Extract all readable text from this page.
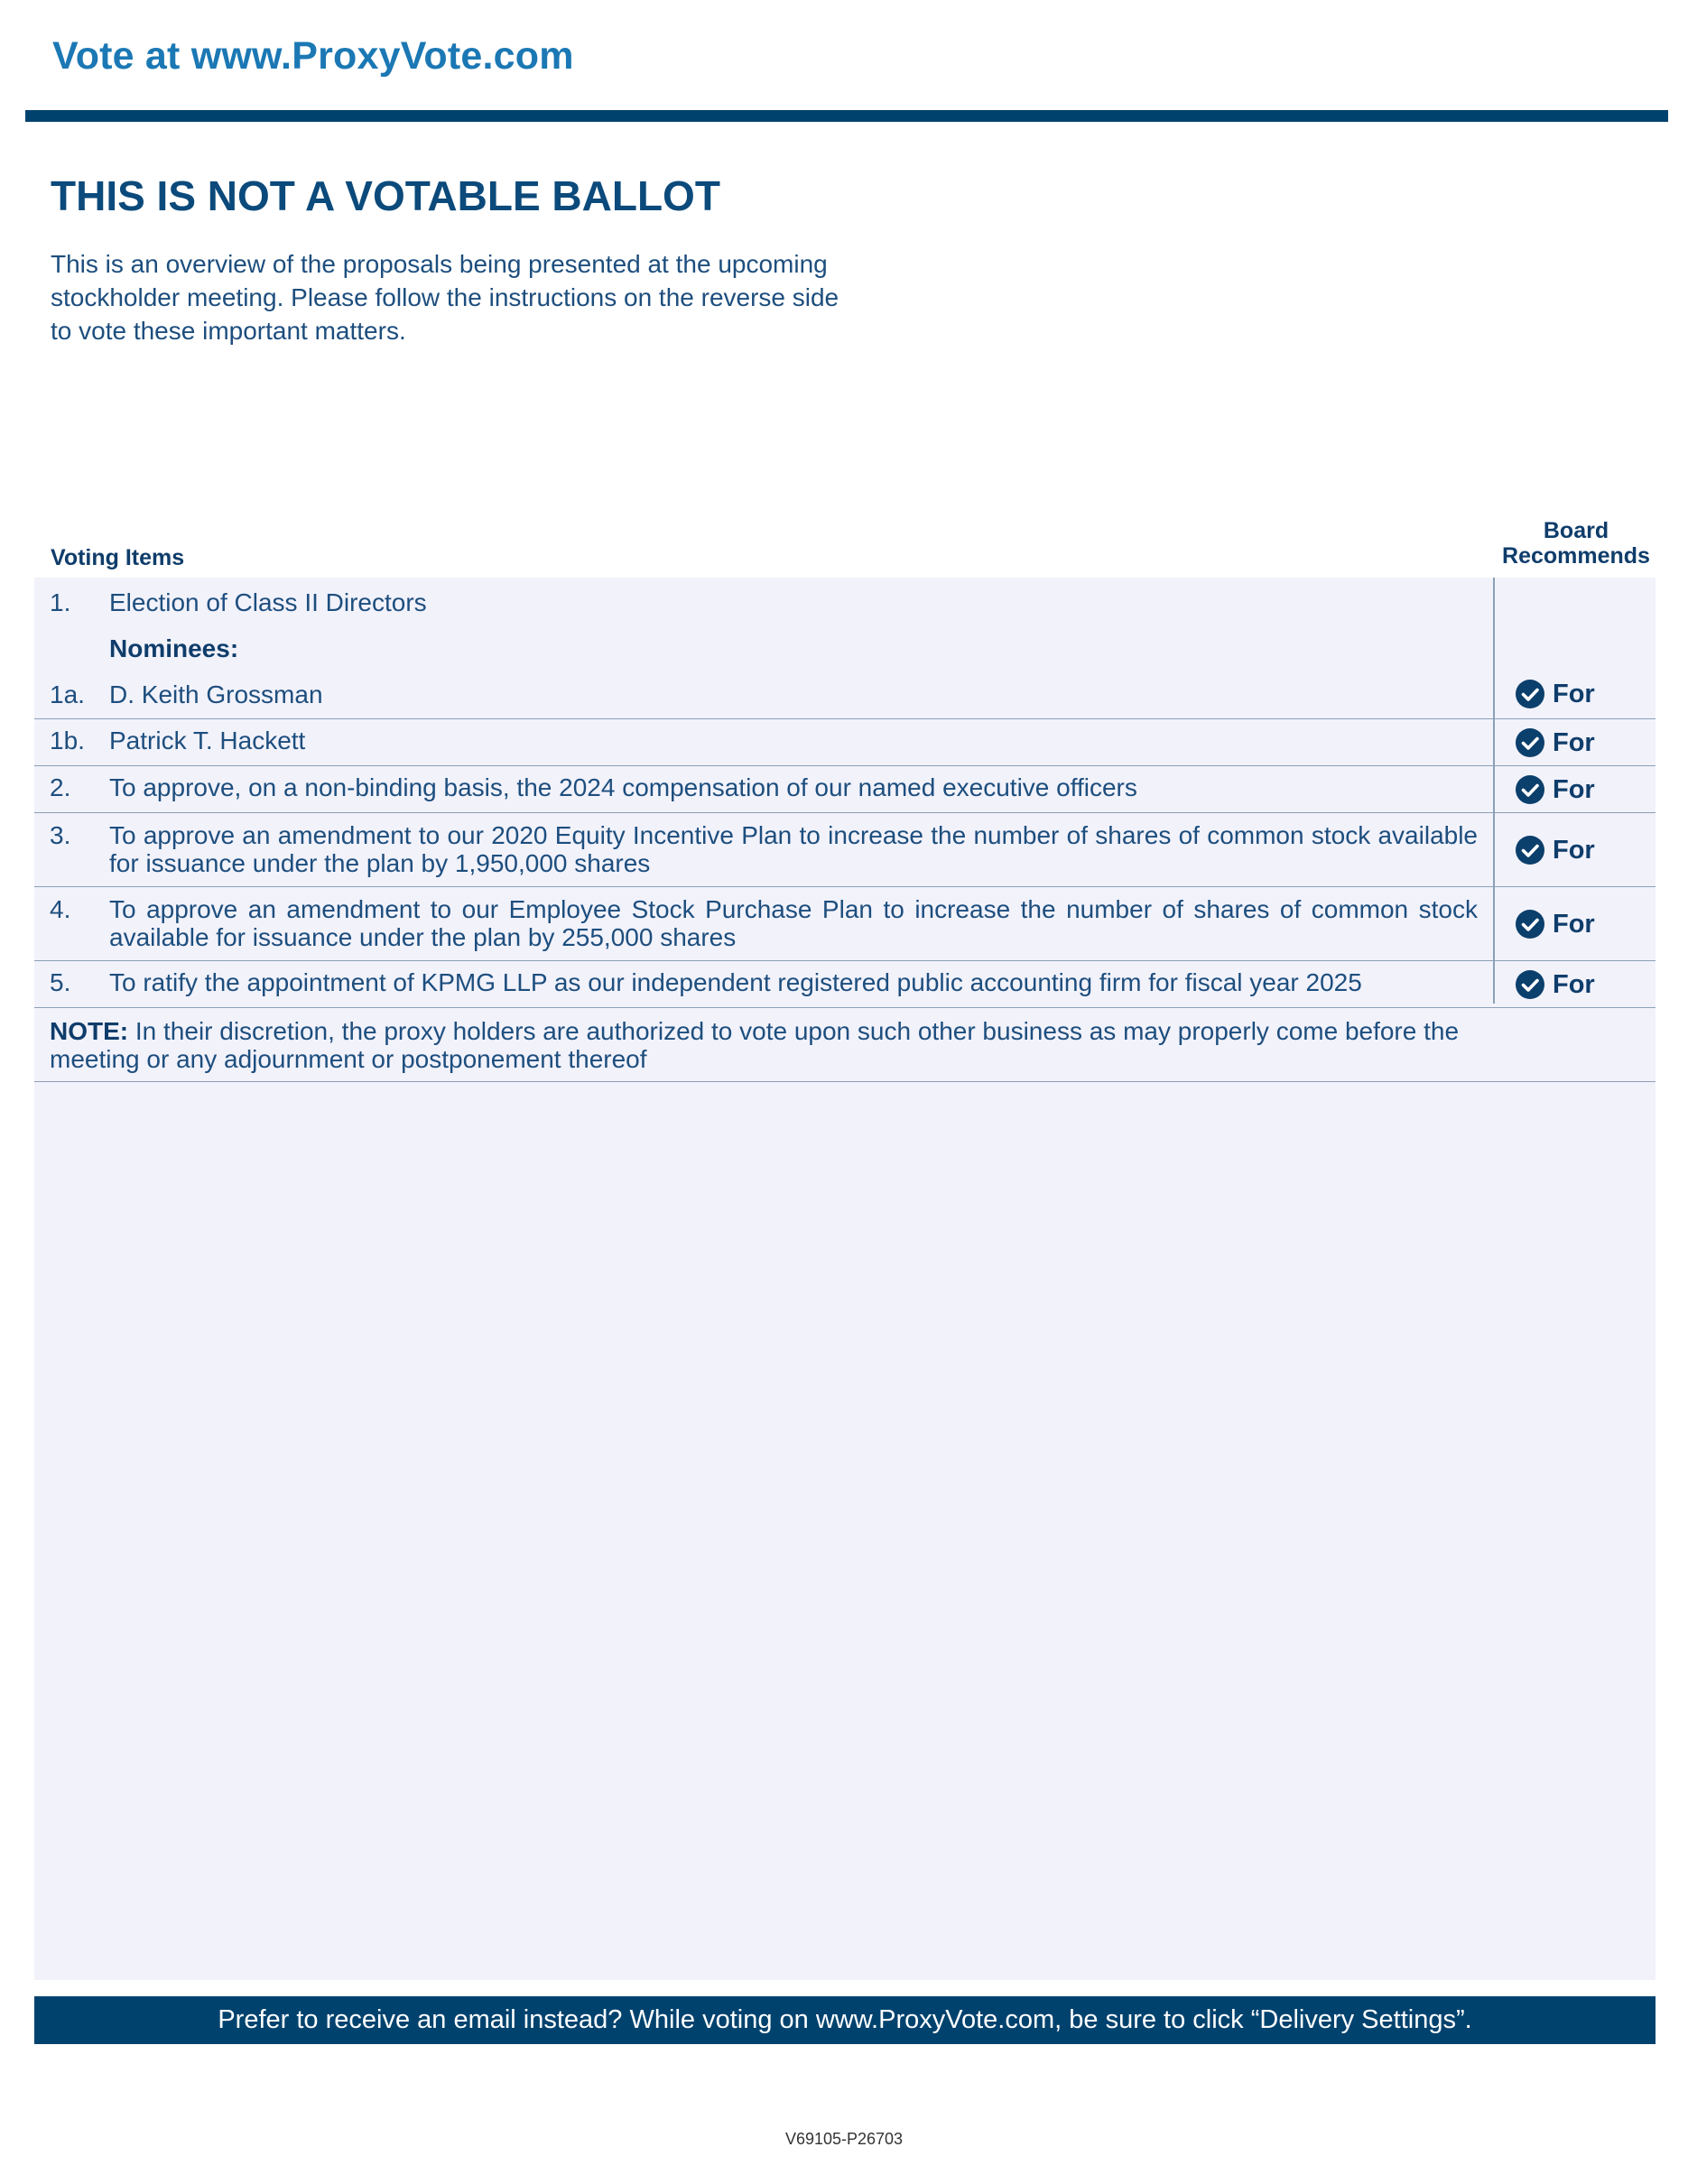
Vote at www.ProxyVote.com
THIS IS NOT A VOTABLE BALLOT

This is an overview of the proposals being presented at the upcoming stockholder meeting. Please follow the instructions on the reverse side to vote these important matters.

Board
Recommends
Voting Items
1. Election of Class II Directors
Nominees:
1a. D. Keith Grossman	For
1b. Patrick T. Hackett	For
2. To approve, on a non-binding basis, the 2024 compensation of our named executive officers	For
3. To approve an amendment to our 2020 Equity Incentive Plan to increase the number of shares of common stock available for issuance under the plan by 1,950,000 shares	For
4. To approve an amendment to our Employee Stock Purchase Plan to increase the number of shares of common stock available for issuance under the plan by 255,000 shares	For
5. To ratify the appointment of KPMG LLP as our independent registered public accounting firm for fiscal year 2025	For
NOTE: In their discretion, the proxy holders are authorized to vote upon such other business as may properly come before the meeting or any adjournment or postponement thereof
Prefer to receive an email instead? While voting on www.ProxyVote.com, be sure to click “Delivery Settings”.
V69105-P26703
